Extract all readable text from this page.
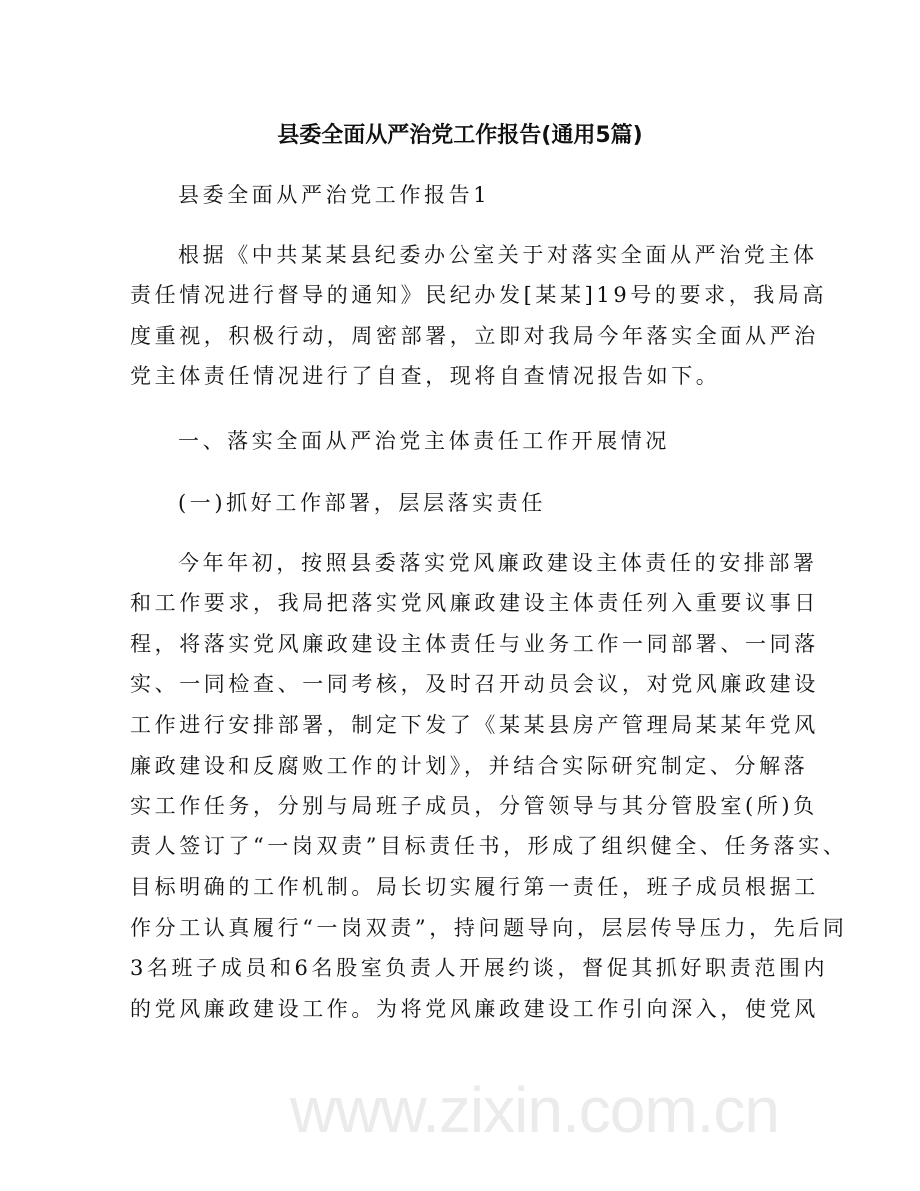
县委全面从严治党工作报告(通用5篇)
县委全面从严治党工作报告1
根据《中共某某县纪委办公室关于对落实全面从严治党主体
责任情况进行督导的通知》民纪办发[某某]19号的要求，我局高
度重视，积极行动，周密部署，立即对我局今年落实全面从严治
党主体责任情况进行了自查，现将自查情况报告如下。
一、落实全面从严治党主体责任工作开展情况
(一)抓好工作部署，层层落实责任
今年年初，按照县委落实党风廉政建设主体责任的安排部署
和工作要求，我局把落实党风廉政建设主体责任列入重要议事日
程，将落实党风廉政建设主体责任与业务工作一同部署、一同落
实、一同检查、一同考核，及时召开动员会议，对党风廉政建设
工作进行安排部署，制定下发了《某某县房产管理局某某年党风
廉政建设和反腐败工作的计划》，并结合实际研究制定、分解落
实工作任务，分别与局班子成员，分管领导与其分管股室(所)负
责人签订了“一岗双责”目标责任书，形成了组织健全、任务落实、
目标明确的工作机制。局长切实履行第一责任，班子成员根据工
作分工认真履行“一岗双责”，持问题导向，层层传导压力，先后同
3名班子成员和6名股室负责人开展约谈，督促其抓好职责范围内
的党风廉政建设工作。为将党风廉政建设工作引向深入，使党风
www.zixin.com.cn
